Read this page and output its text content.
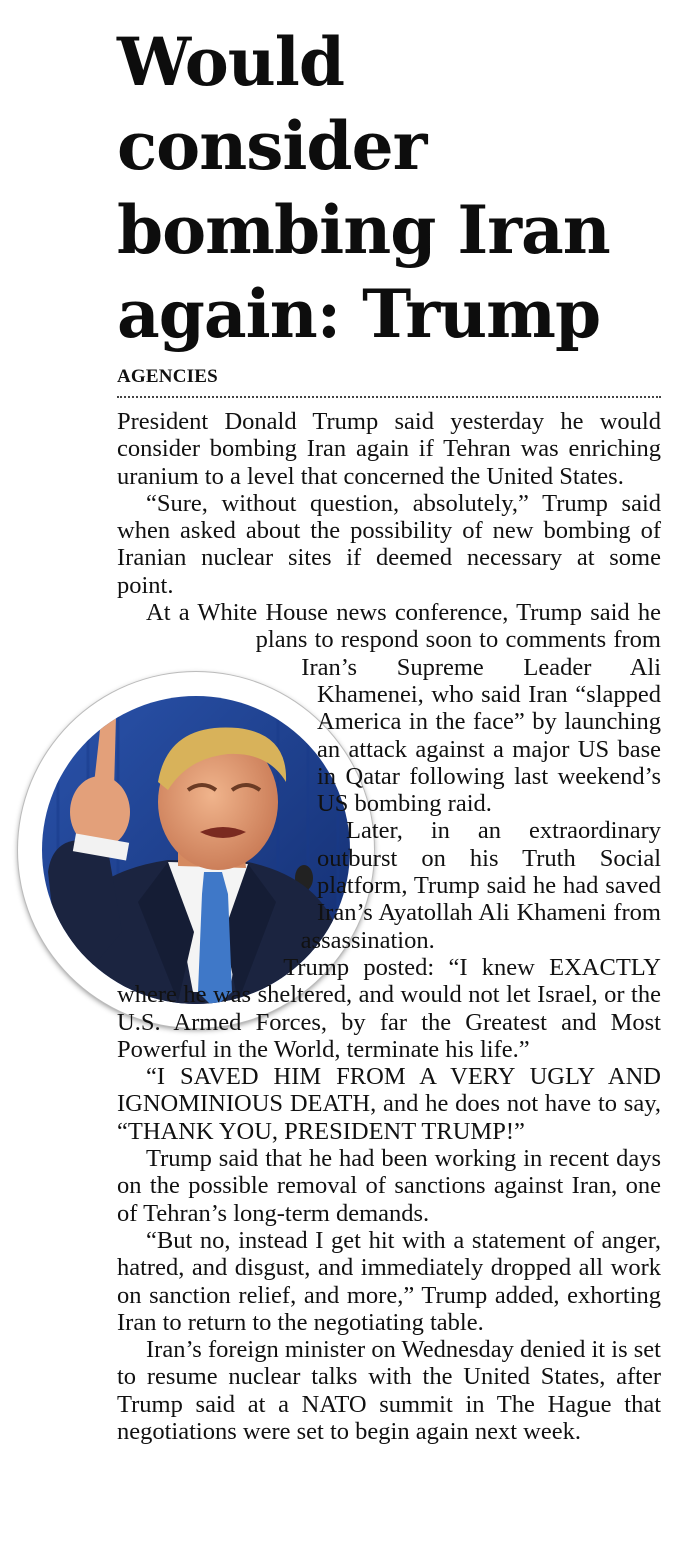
Would consider bombing Iran again: Trump
AGENCIES

President Donald Trump said yesterday he would consider bombing Iran again if Tehran was enriching uranium to a level that concerned the United States.

“Sure, without question, absolutely,” Trump said when asked about the possibility of new bombing of Iranian nuclear sites if deemed necessary at some point.

At a White House news conference, Trump said he plans to respond soon to comments from Iran’s Supreme Leader Ali Khamenei, who said Iran “slapped America in the face” by launching an attack against a major US base in Qatar following last weekend’s US bombing raid.

Later, in an extraordinary outburst on his Truth Social platform, Trump said he had saved Iran’s Ayatollah Ali Khameni from assassination.

Trump posted: “I knew EXACTLY where he was sheltered, and would not let Israel, or the U.S. Armed Forces, by far the Greatest and Most Powerful in the World, terminate his life.”

“I SAVED HIM FROM A VERY UGLY AND IGNOMINIOUS DEATH, and he does not have to say, “THANK YOU, PRESIDENT TRUMP!”

Trump said that he had been working in recent days on the possible removal of sanctions against Iran, one of Tehran’s long-term demands.

“But no, instead I get hit with a statement of anger, hatred, and disgust, and immediately dropped all work on sanction relief, and more,” Trump added, exhorting Iran to return to the negotiating table.

Iran’s foreign minister on Wednesday denied it is set to resume nuclear talks with the United States, after Trump said at a NATO summit in The Hague that negotiations were set to begin again next week.
